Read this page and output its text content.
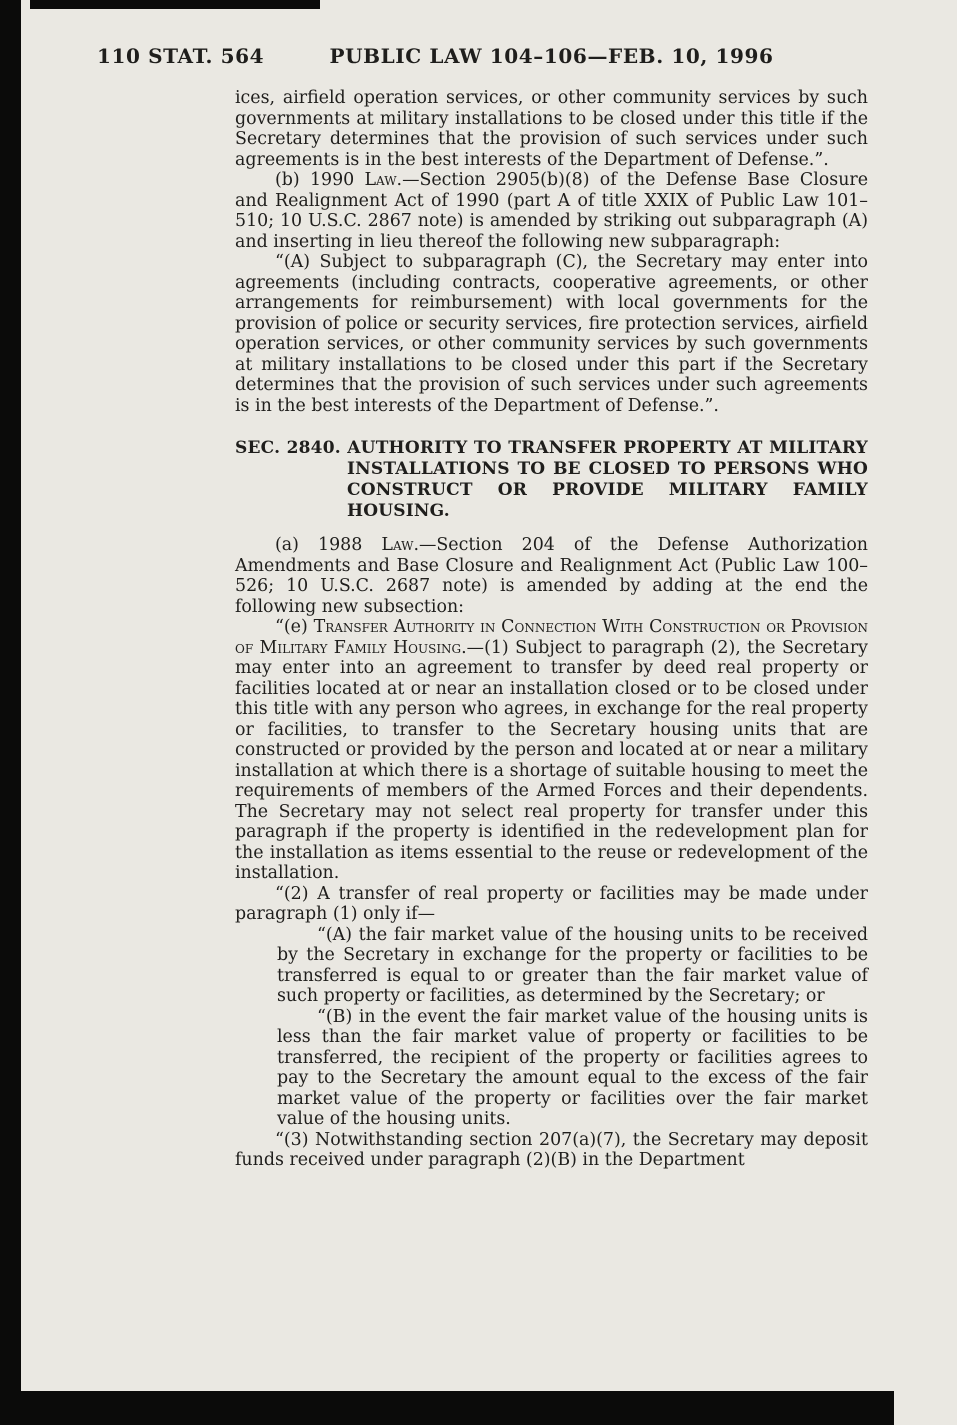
110 STAT. 564	PUBLIC LAW 104–106—FEB. 10, 1996

ices, airfield operation services, or other community services by such governments at military installations to be closed under this title if the Secretary determines that the provision of such services under such agreements is in the best interests of the Department of Defense.”.

(b) 1990 Law.—Section 2905(b)(8) of the Defense Base Closure and Realignment Act of 1990 (part A of title XXIX of Public Law 101–510; 10 U.S.C. 2867 note) is amended by striking out subparagraph (A) and inserting in lieu thereof the following new subparagraph:

“(A) Subject to subparagraph (C), the Secretary may enter into agreements (including contracts, cooperative agreements, or other arrangements for reimbursement) with local governments for the provision of police or security services, fire protection services, airfield operation services, or other community services by such governments at military installations to be closed under this part if the Secretary determines that the provision of such services under such agreements is in the best interests of the Department of Defense.”.

SEC. 2840. AUTHORITY TO TRANSFER PROPERTY AT MILITARY INSTALLATIONS TO BE CLOSED TO PERSONS WHO CONSTRUCT OR PROVIDE MILITARY FAMILY HOUSING.

(a) 1988 Law.—Section 204 of the Defense Authorization Amendments and Base Closure and Realignment Act (Public Law 100–526; 10 U.S.C. 2687 note) is amended by adding at the end the following new subsection:

“(e) Transfer Authority in Connection With Construction or Provision of Military Family Housing.—(1) Subject to paragraph (2), the Secretary may enter into an agreement to transfer by deed real property or facilities located at or near an installation closed or to be closed under this title with any person who agrees, in exchange for the real property or facilities, to transfer to the Secretary housing units that are constructed or provided by the person and located at or near a military installation at which there is a shortage of suitable housing to meet the requirements of members of the Armed Forces and their dependents. The Secretary may not select real property for transfer under this paragraph if the property is identified in the redevelopment plan for the installation as items essential to the reuse or redevelopment of the installation.

“(2) A transfer of real property or facilities may be made under paragraph (1) only if—

“(A) the fair market value of the housing units to be received by the Secretary in exchange for the property or facilities to be transferred is equal to or greater than the fair market value of such property or facilities, as determined by the Secretary; or

“(B) in the event the fair market value of the housing units is less than the fair market value of property or facilities to be transferred, the recipient of the property or facilities agrees to pay to the Secretary the amount equal to the excess of the fair market value of the property or facilities over the fair market value of the housing units.

“(3) Notwithstanding section 207(a)(7), the Secretary may deposit funds received under paragraph (2)(B) in the Department
